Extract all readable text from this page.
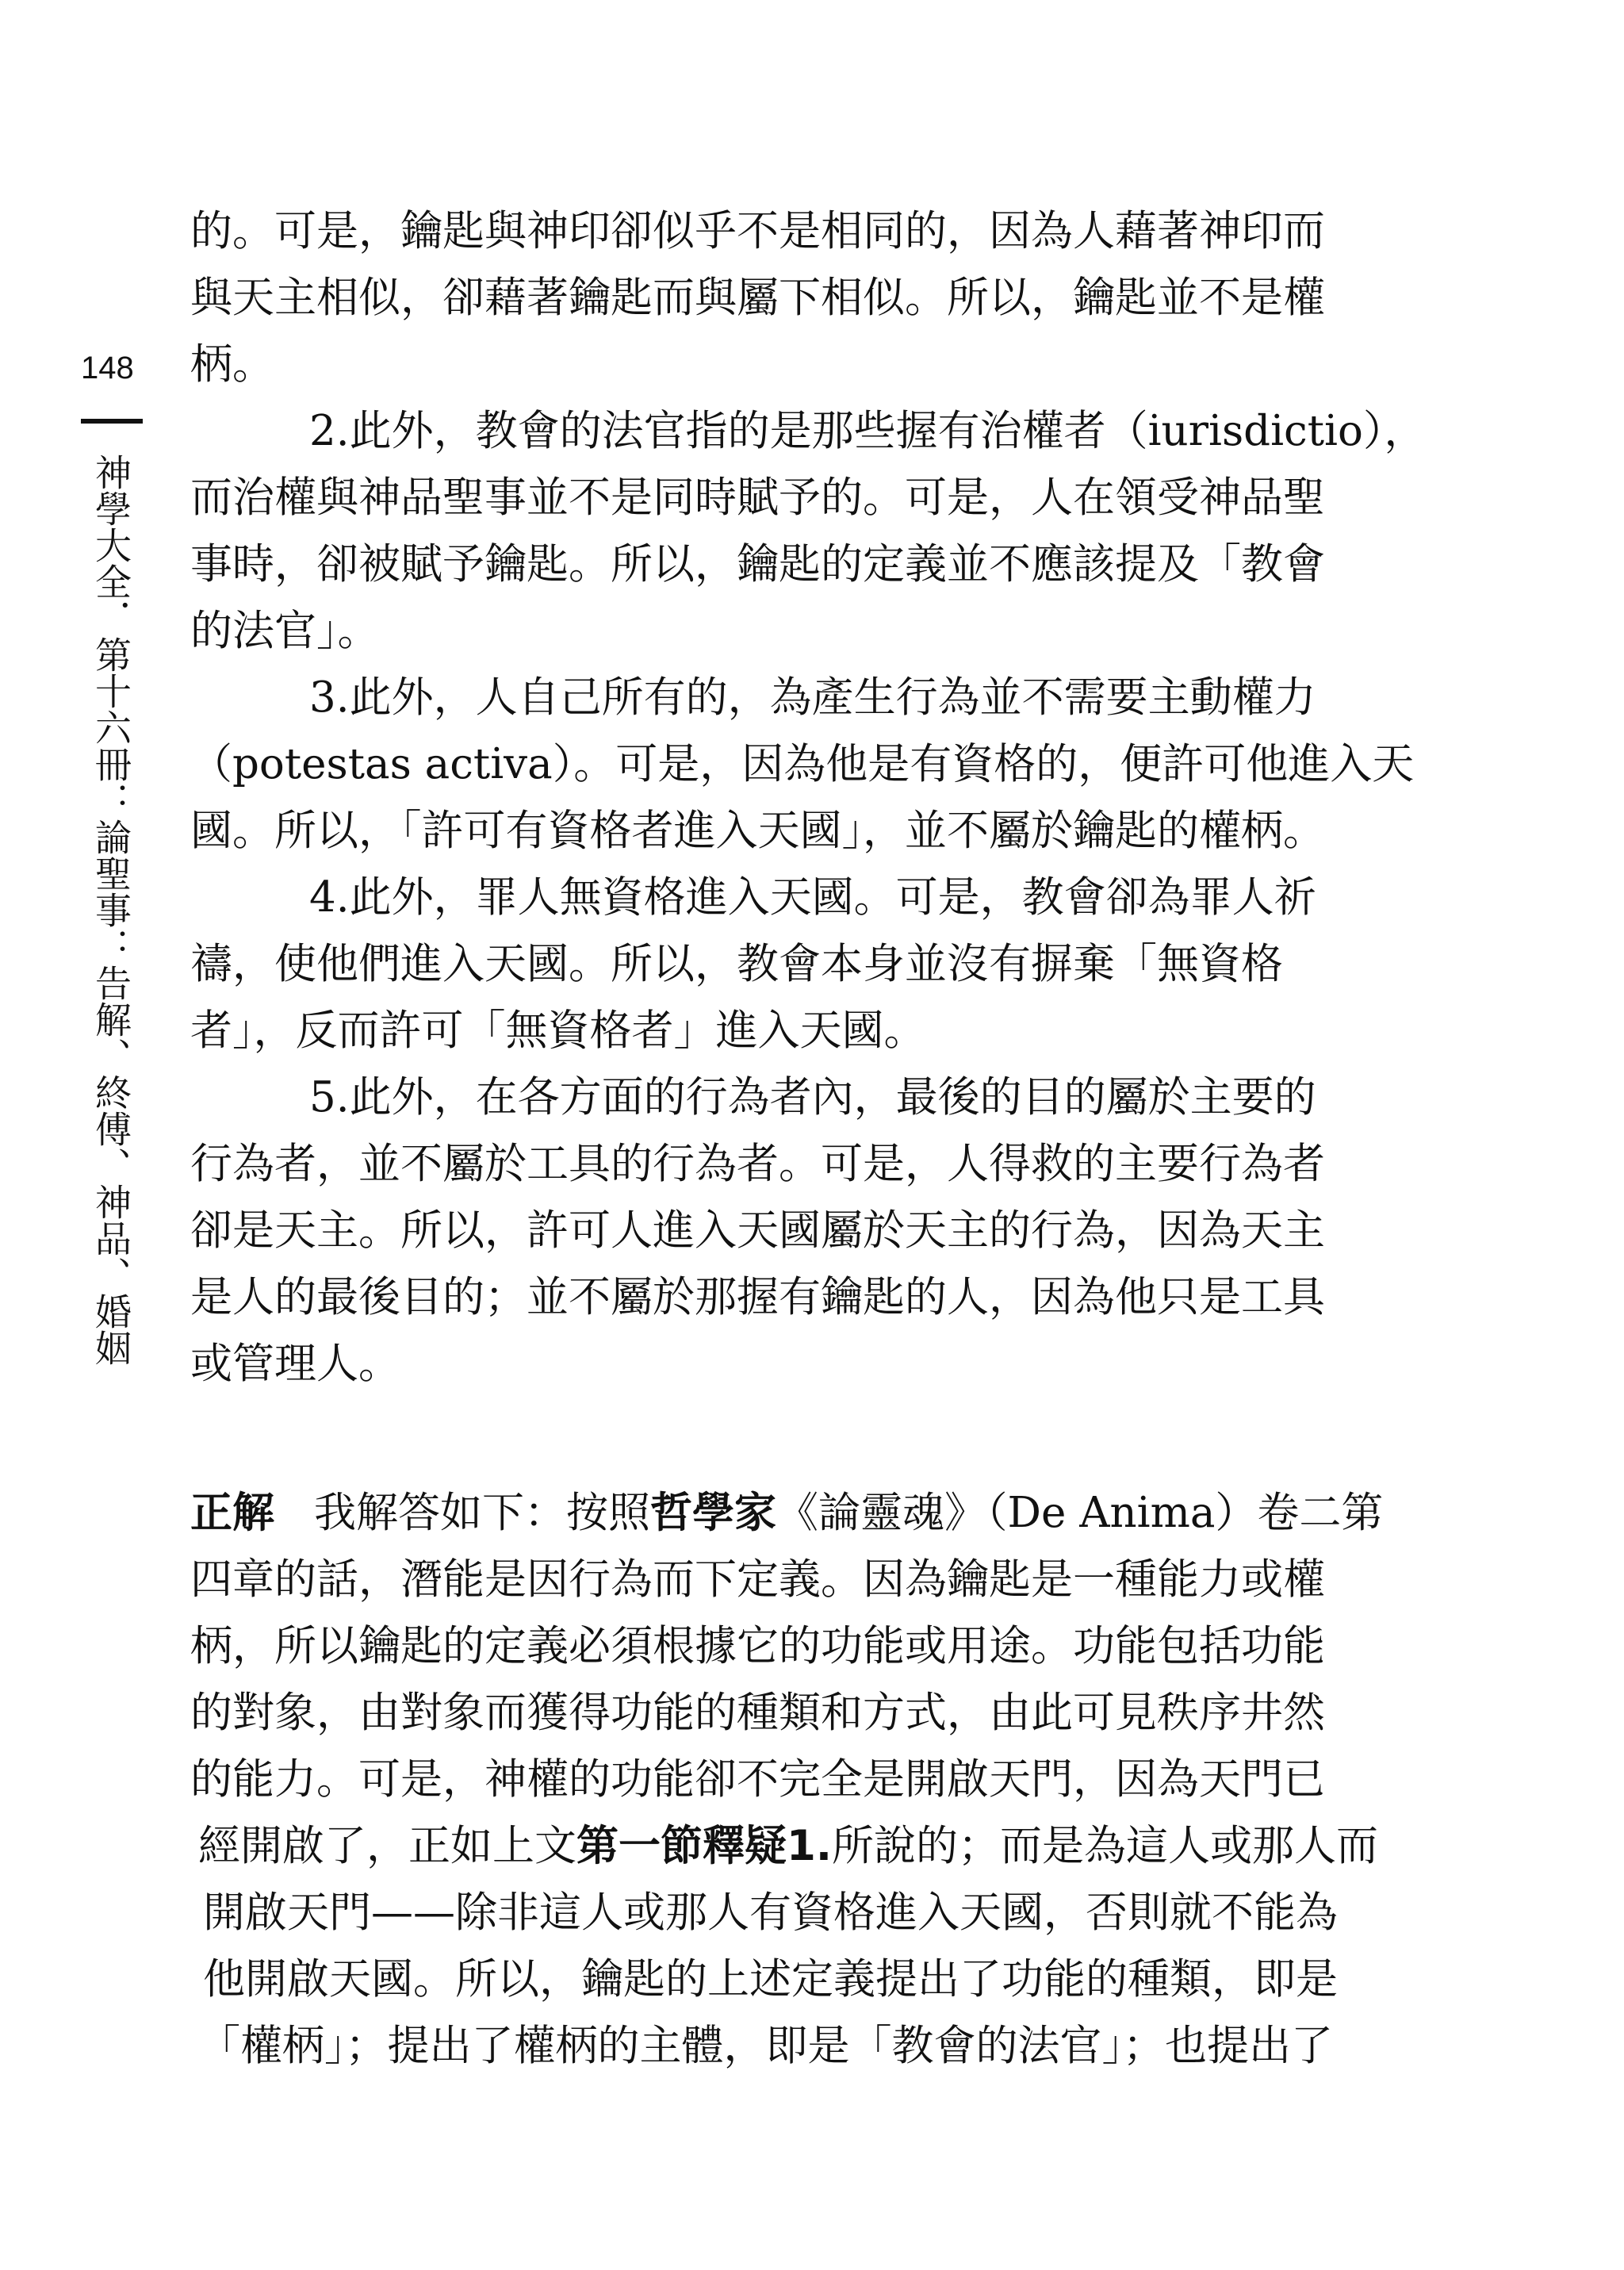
148
神學大全．第十六冊：論聖事：告解、終傅、神品、婚姻
的。可是，鑰匙與神印卻似乎不是相同的，因為人藉著神印而
與天主相似，卻藉著鑰匙而與屬下相似。所以，鑰匙並不是權
柄。
2.此外，教會的法官指的是那些握有治權者（iurisdictio），
而治權與神品聖事並不是同時賦予的。可是，人在領受神品聖
事時，卻被賦予鑰匙。所以，鑰匙的定義並不應該提及「教會
的法官」。
3.此外，人自己所有的，為產生行為並不需要主動權力
（potestas activa）。可是，因為他是有資格的，便許可他進入天
國。所以，「許可有資格者進入天國」，並不屬於鑰匙的權柄。
4.此外，罪人無資格進入天國。可是，教會卻為罪人祈
禱，使他們進入天國。所以，教會本身並沒有摒棄「無資格
者」，反而許可「無資格者」進入天國。
5.此外，在各方面的行為者內，最後的目的屬於主要的
行為者，並不屬於工具的行為者。可是，人得救的主要行為者
卻是天主。所以，許可人進入天國屬於天主的行為，因為天主
是人的最後目的；並不屬於那握有鑰匙的人，因為他只是工具
或管理人。
正解 我解答如下：按照哲學家《論靈魂》（De Anima）卷二第
四章的話，潛能是因行為而下定義。因為鑰匙是一種能力或權
柄，所以鑰匙的定義必須根據它的功能或用途。功能包括功能
的對象，由對象而獲得功能的種類和方式，由此可見秩序井然
的能力。可是，神權的功能卻不完全是開啟天門，因為天門已
經開啟了，正如上文第一節釋疑1.所說的；而是為這人或那人而
開啟天門——除非這人或那人有資格進入天國，否則就不能為
他開啟天國。所以，鑰匙的上述定義提出了功能的種類，即是
「權柄」；提出了權柄的主體，即是「教會的法官」；也提出了
